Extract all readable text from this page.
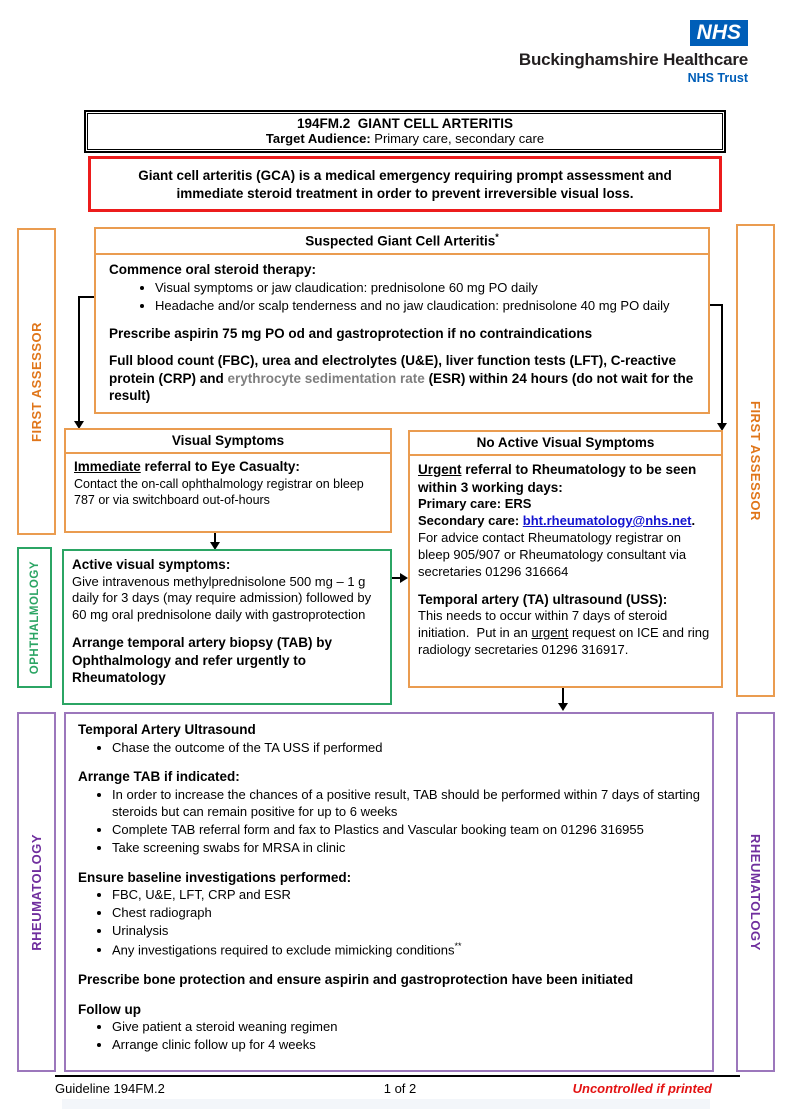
NHS
Buckinghamshire Healthcare
NHS Trust
194FM.2  GIANT CELL ARTERITIS
Target Audience: Primary care, secondary care
Giant cell arteritis (GCA) is a medical emergency requiring prompt assessment and immediate steroid treatment in order to prevent irreversible visual loss.
Suspected Giant Cell Arteritis*
Commence oral steroid therapy:
• Visual symptoms or jaw claudication: prednisolone 60 mg PO daily
• Headache and/or scalp tenderness and no jaw claudication: prednisolone 40 mg PO daily
Prescribe aspirin 75 mg PO od and gastroprotection if no contraindications
Full blood count (FBC), urea and electrolytes (U&E), liver function tests (LFT), C-reactive protein (CRP) and erythrocyte sedimentation rate (ESR) within 24 hours (do not wait for the result)
FIRST ASSESSOR
FIRST ASSESSOR
OPHTHALMOLOGY
RHEUMATOLOGY	RHEUMATOLOGY
Visual Symptoms
Immediate referral to Eye Casualty:
Contact the on-call ophthalmology registrar on bleep 787 or via switchboard out-of-hours
No Active Visual Symptoms
Urgent referral to Rheumatology to be seen within 3 working days:
Primary care: ERS
Secondary care: bht.rheumatology@nhs.net.
For advice contact Rheumatology registrar on bleep 905/907 or Rheumatology consultant via secretaries 01296 316664
Temporal artery (TA) ultrasound (USS):
This needs to occur within 7 days of steroid initiation.  Put in an urgent request on ICE and ring radiology secretaries 01296 316917.
Active visual symptoms:
Give intravenous methylprednisolone 500 mg – 1 g daily for 3 days (may require admission) followed by 60 mg oral prednisolone daily with gastroprotection
Arrange temporal artery biopsy (TAB) by Ophthalmology and refer urgently to Rheumatology
Temporal Artery Ultrasound
• Chase the outcome of the TA USS if performed
Arrange TAB if indicated:
• In order to increase the chances of a positive result, TAB should be performed within 7 days of starting steroids but can remain positive for up to 6 weeks
• Complete TAB referral form and fax to Plastics and Vascular booking team on 01296 316955
• Take screening swabs for MRSA in clinic
Ensure baseline investigations performed:
• FBC, U&E, LFT, CRP and ESR
• Chest radiograph
• Urinalysis
• Any investigations required to exclude mimicking conditions**
Prescribe bone protection and ensure aspirin and gastroprotection have been initiated
Follow up
• Give patient a steroid weaning regimen
• Arrange clinic follow up for 4 weeks
Guideline 194FM.2	1 of 2	Uncontrolled if printed
